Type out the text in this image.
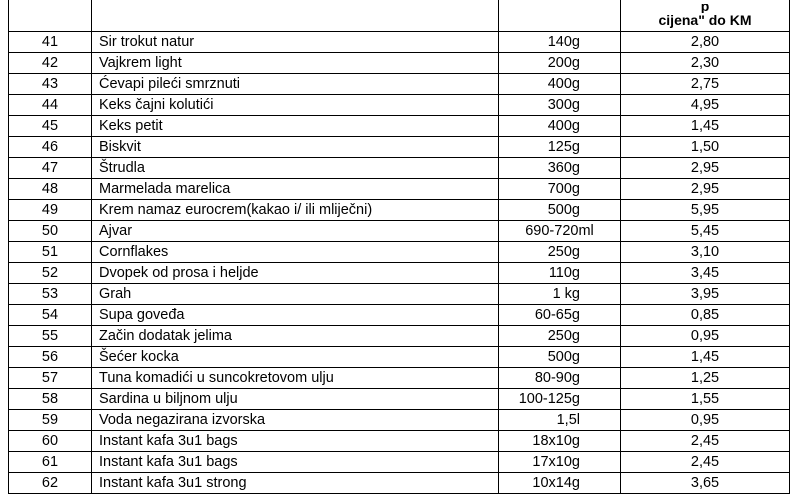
			p
cijena" do KM

41	Sir trokut natur	140g	2,80
42	Vajkrem light	200g	2,30
43	Ćevapi pileći smrznuti	400g	2,75
44	Keks čajni kolutići	300g	4,95
45	Keks petit	400g	1,45
46	Biskvit	125g	1,50
47	Štrudla	360g	2,95
48	Marmelada marelica	700g	2,95
49	Krem namaz eurocrem(kakao i/ ili mliječni)	500g	5,95
50	Ajvar	690-720ml	5,45
51	Cornflakes	250g	3,10
52	Dvopek od prosa i heljde	110g	3,45
53	Grah	1 kg	3,95
54	Supa goveđa	60-65g	0,85
55	Začin dodatak jelima	250g	0,95
56	Šećer kocka	500g	1,45
57	Tuna komadići u suncokretovom ulju	80-90g	1,25
58	Sardina u biljnom ulju	100-125g	1,55
59	Voda negazirana izvorska	1,5l	0,95
60	Instant kafa 3u1 bags	18x10g	2,45
61	Instant kafa 3u1 bags	17x10g	2,45
62	Instant kafa 3u1 strong	10x14g	3,65
